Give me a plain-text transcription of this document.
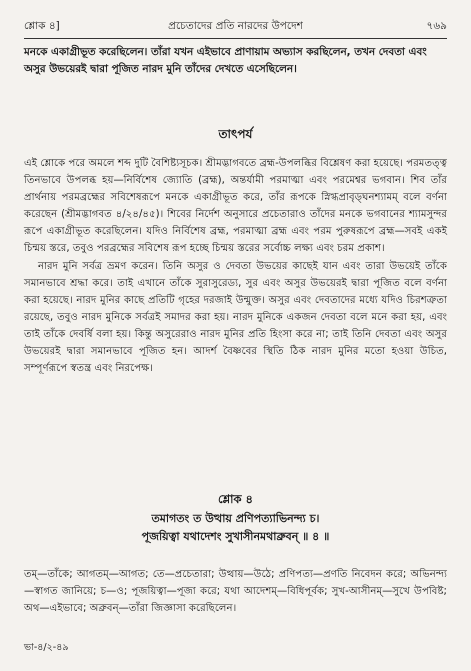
শ্লোক ৪]	প্রচেতাদের প্রতি নারদের উপদেশ	৭৬৯
মনকে একাগ্রীভূত করেছিলেন। তাঁরা যখন এইভাবে প্রাণায়াম অভ্যাস করছিলেন, তখন দেবতা এবং অসুর উভয়েরই দ্বারা পূজিত নারদ মুনি তাঁদের দেখতে এসেছিলেন।
তাৎপর্য

এই শ্লোকে পরে অমলে শব্দ দুটি বৈশিষ্ট্যসূচক। শ্রীমদ্ভাগবতে ব্রহ্ম-উপলব্ধির বিশ্লেষণ করা হয়েছে। পরমতত্ত্ব তিনভাবে উপলব্ধ হয়—নির্বিশেষ জ্যোতি (ব্রহ্ম), অন্তর্যামী পরমাত্মা এবং পরমেশ্বর ভগবান। শিব তাঁর প্রার্থনায় পরমব্রহ্মের সবিশেষরূপে মনকে একাগ্রীভূত করে, তাঁর রূপকে স্নিগ্ধপ্রাবৃড্ঘনশ্যামম্ বলে বর্ণনা করেছেন (শ্রীমদ্ভাগবত ৪/২৪/৪৫)। শিবের নির্দেশ অনুসারে প্রচেতারাও তাঁদের মনকে ভগবানের শ্যামসুন্দর রূপে একাগ্রীভূত করেছিলেন। যদিও নির্বিশেষ ব্রহ্ম, পরমাত্মা ব্রহ্ম এবং পরম পুরুষরূপে ব্রহ্ম—সবই একই চিন্ময় স্তরে, তবুও পরব্রহ্মের সবিশেষ রূপ হচ্ছে চিন্ময় স্তরের সর্বোচ্চ লক্ষ্য এবং চরম প্রকাশ।

নারদ মুনি সর্বত্র ভ্রমণ করেন। তিনি অসুর ও দেবতা উভয়ের কাছেই যান এবং তারা উভয়েই তাঁকে সমানভাবে শ্রদ্ধা করে। তাই এখানে তাঁকে সুরাসুরেড্য, সুর এবং অসুর উভয়েরই দ্বারা পূজিত বলে বর্ণনা করা হয়েছে। নারদ মুনির কাছে প্রতিটি গৃহের দরজাই উন্মুক্ত। অসুর এবং দেবতাদের মধ্যে যদিও চিরশত্রুতা রয়েছে, তবুও নারদ মুনিকে সর্বত্রই সমাদর করা হয়। নারদ মুনিকে একজন দেবতা বলে মনে করা হয়, এবং তাই তাঁকে দেবর্ষি বলা হয়। কিন্তু অসুরেরাও নারদ মুনির প্রতি হিংসা করে না; তাই তিনি দেবতা এবং অসুর উভয়েরই দ্বারা সমানভাবে পূজিত হন। আদর্শ বৈষ্ণবের স্থিতি ঠিক নারদ মুনির মতো হওয়া উচিত, সম্পূর্ণরূপে স্বতন্ত্র এবং নিরপেক্ষ।

শ্লোক ৪
তমাগতং ত উত্থায় প্রণিপত্যাভিনন্দ্য চ।
পূজয়িত্বা যথাদেশং সুখাসীনমথাব্রুবন্ ॥ ৪ ॥
তম্—তাঁকে; আগতম্—আগত; তে—প্রচেতারা; উত্থায়—উঠে; প্রণিপত্য—প্রণতি নিবেদন করে; অভিনন্দ্য—স্বাগত জানিয়ে; চ—ও; পূজয়িত্বা—পূজা করে; যথা আদেশম্—বিধিপূর্বক; সুখ-আসীনম্—সুখে উপবিষ্ট; অথ—এইভাবে; অব্রুবন্—তাঁরা জিজ্ঞাসা করেছিলেন।
ভা-৪/২-৪৯
